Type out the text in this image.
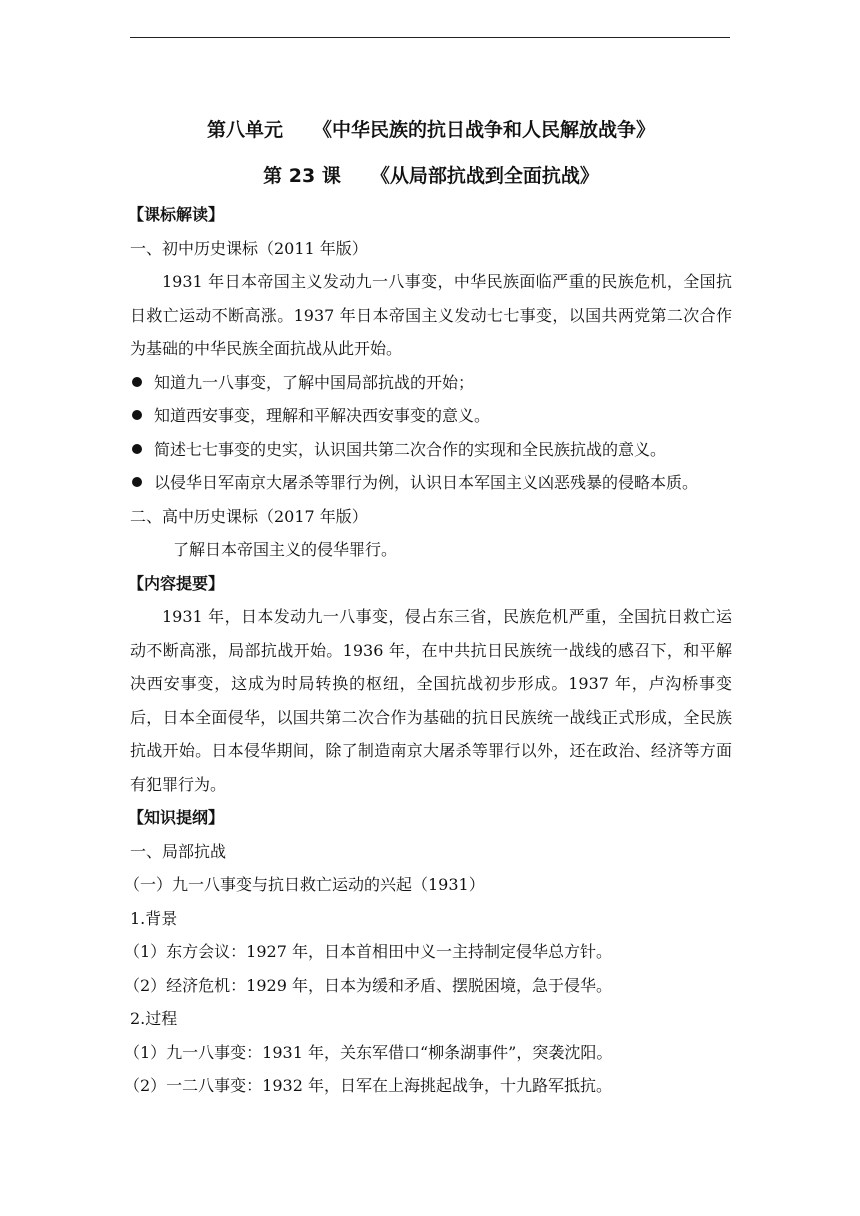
第八单元 《中华民族的抗日战争和人民解放战争》
第 23 课 《从局部抗战到全面抗战》

【课标解读】

一、初中历史课标（2011 年版）

1931 年日本帝国主义发动九一八事变，中华民族面临严重的民族危机，全国抗日救亡运动不断高涨。1937 年日本帝国主义发动七七事变，以国共两党第二次合作为基础的中华民族全面抗战从此开始。

知道九一八事变，了解中国局部抗战的开始；
知道西安事变，理解和平解决西安事变的意义。
简述七七事变的史实，认识国共第二次合作的实现和全民族抗战的意义。
以侵华日军南京大屠杀等罪行为例，认识日本军国主义凶恶残暴的侵略本质。

二、高中历史课标（2017 年版）

了解日本帝国主义的侵华罪行。

【内容提要】

1931 年，日本发动九一八事变，侵占东三省，民族危机严重，全国抗日救亡运动不断高涨，局部抗战开始。1936 年，在中共抗日民族统一战线的感召下，和平解决西安事变，这成为时局转换的枢纽，全国抗战初步形成。1937 年，卢沟桥事变后，日本全面侵华，以国共第二次合作为基础的抗日民族统一战线正式形成，全民族抗战开始。日本侵华期间，除了制造南京大屠杀等罪行以外，还在政治、经济等方面有犯罪行为。

【知识提纲】

一、局部抗战

（一）九一八事变与抗日救亡运动的兴起（1931）

1.背景

（1）东方会议：1927 年，日本首相田中义一主持制定侵华总方针。

（2）经济危机：1929 年，日本为缓和矛盾、摆脱困境，急于侵华。

2.过程

（1）九一八事变：1931 年，关东军借口“柳条湖事件”，突袭沈阳。

（2）一二八事变：1932 年，日军在上海挑起战争，十九路军抵抗。
